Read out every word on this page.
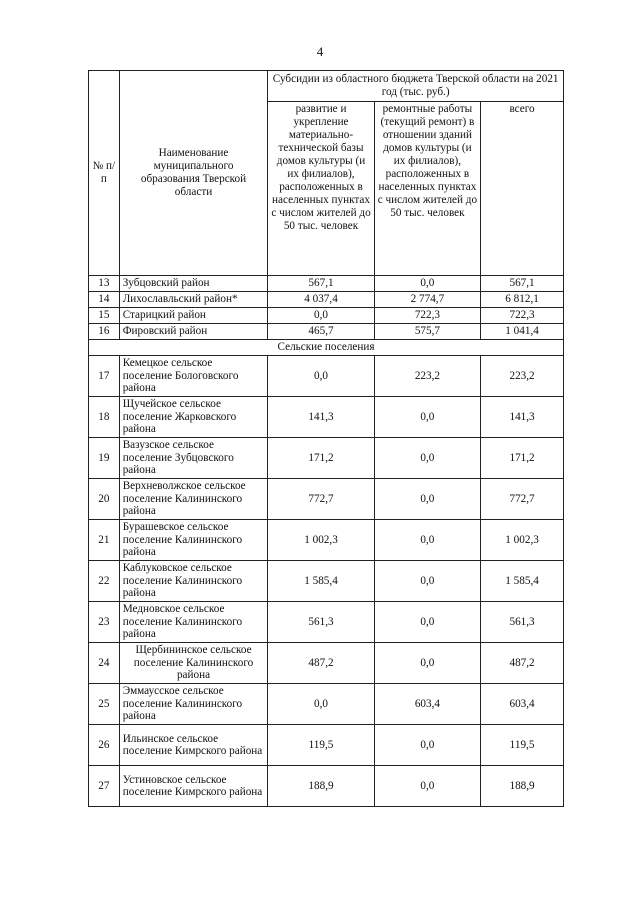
4
№ п/п	Наименование муниципального образования Тверской области	Субсидии из областного бюджета Тверской области на 2021 год (тыс. руб.)		
		развитие и укрепление материально-технической базы домов культуры (и их филиалов), расположенных в населенных пунктах с числом жителей до 50 тыс. человек	ремонтные работы (текущий ремонт) в отношении зданий домов культуры (и их филиалов), расположенных в населенных пунктах с числом жителей до 50 тыс. человек	всего
13	Зубцовский район	567,1	0,0	567,1
14	Лихославльский район*	4 037,4	2 774,7	6 812,1
15	Старицкий район	0,0	722,3	722,3
16	Фировский район	465,7	575,7	1 041,4
Сельские поселения				
17	Кемецкое сельское поселение Бологовского района	0,0	223,2	223,2
18	Щучейское сельское поселение Жарковского района	141,3	0,0	141,3
19	Вазузское сельское поселение Зубцовского района	171,2	0,0	171,2
20	Верхневолжское сельское поселение Калининского района	772,7	0,0	772,7
21	Бурашевское сельское поселение Калининского района	1 002,3	0,0	1 002,3
22	Каблуковское сельское поселение Калининского района	1 585,4	0,0	1 585,4
23	Медновское сельское поселение Калининского района	561,3	0,0	561,3
24	Щербининское сельское поселение Калининского района	487,2	0,0	487,2
25	Эммаусское сельское поселение Калининского района	0,0	603,4	603,4
26	Ильинское сельское поселение Кимрского района	119,5	0,0	119,5
27	Устиновское сельское поселение Кимрского района	188,9	0,0	188,9
